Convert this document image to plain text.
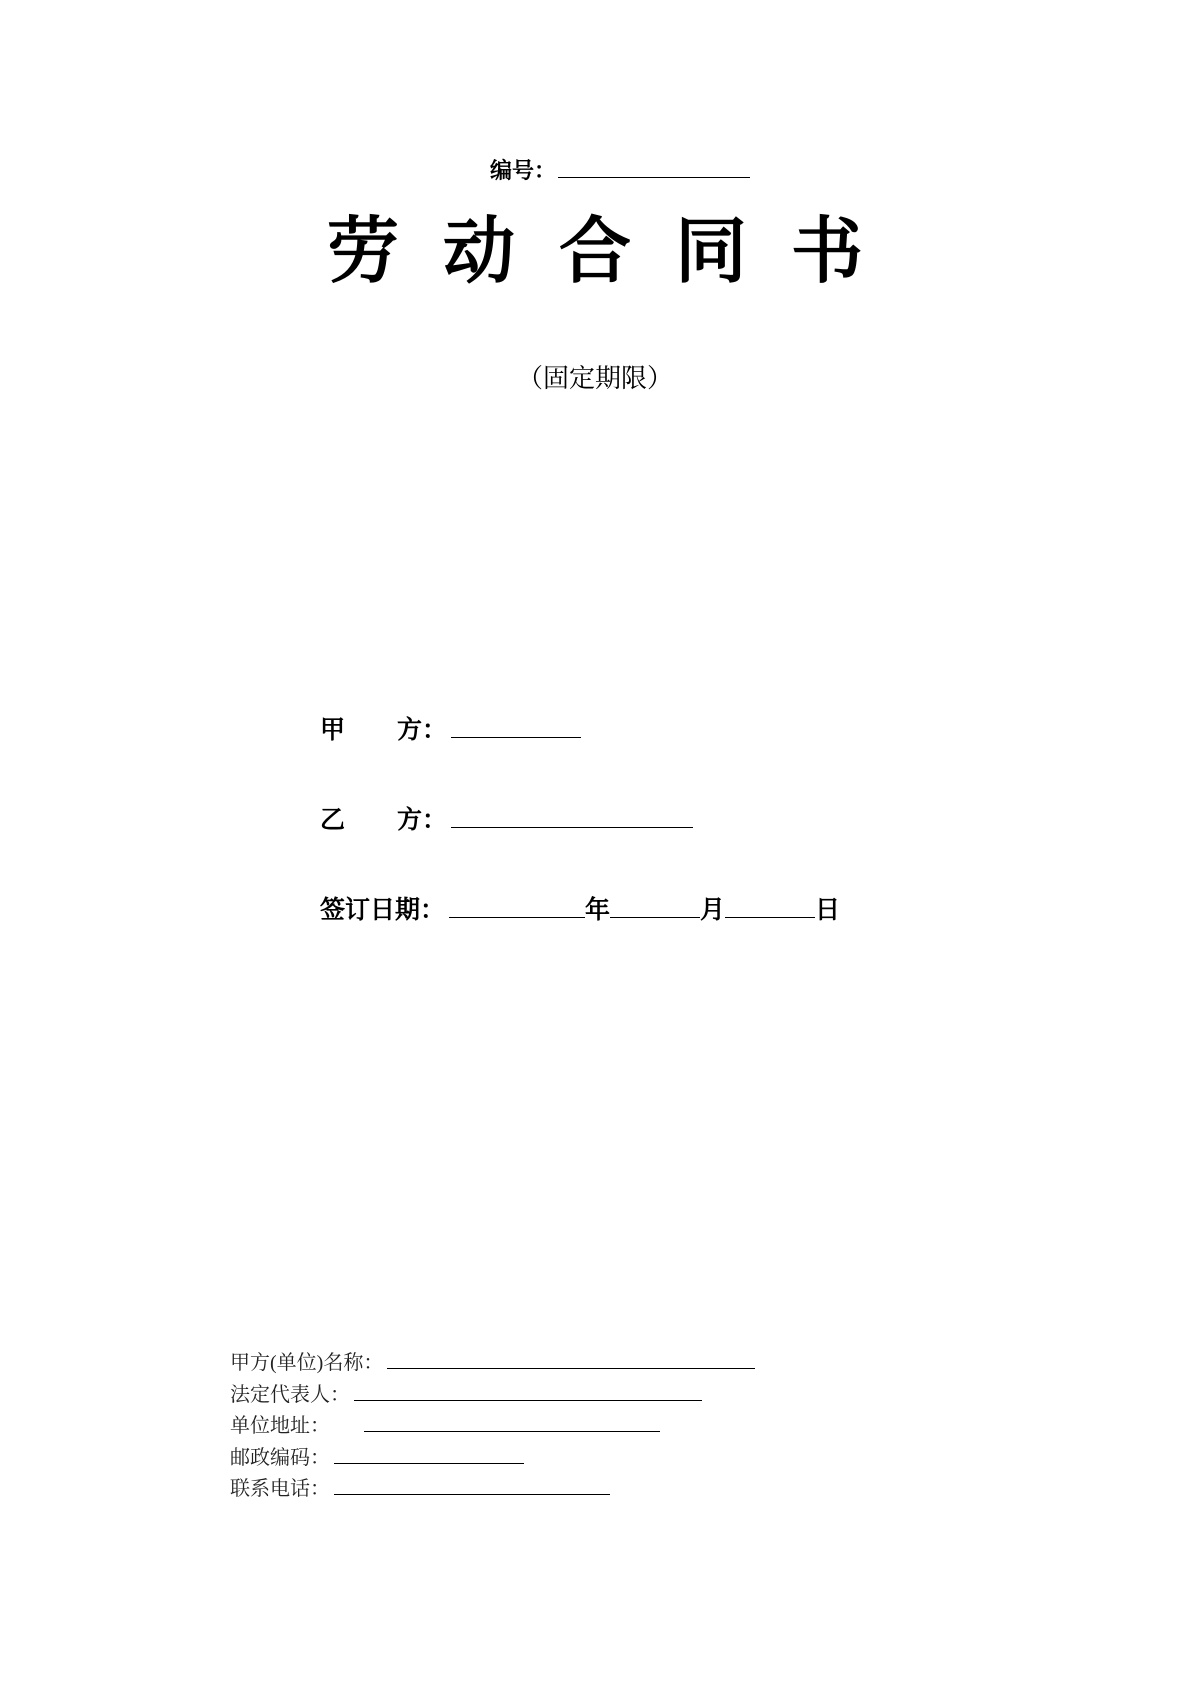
编号：
劳动合同书
（固定期限）
甲 方：
乙 方：
签订日期：	年	月	日
甲方(单位)名称：
法定代表人：
单位地址：
邮政编码：
联系电话：
